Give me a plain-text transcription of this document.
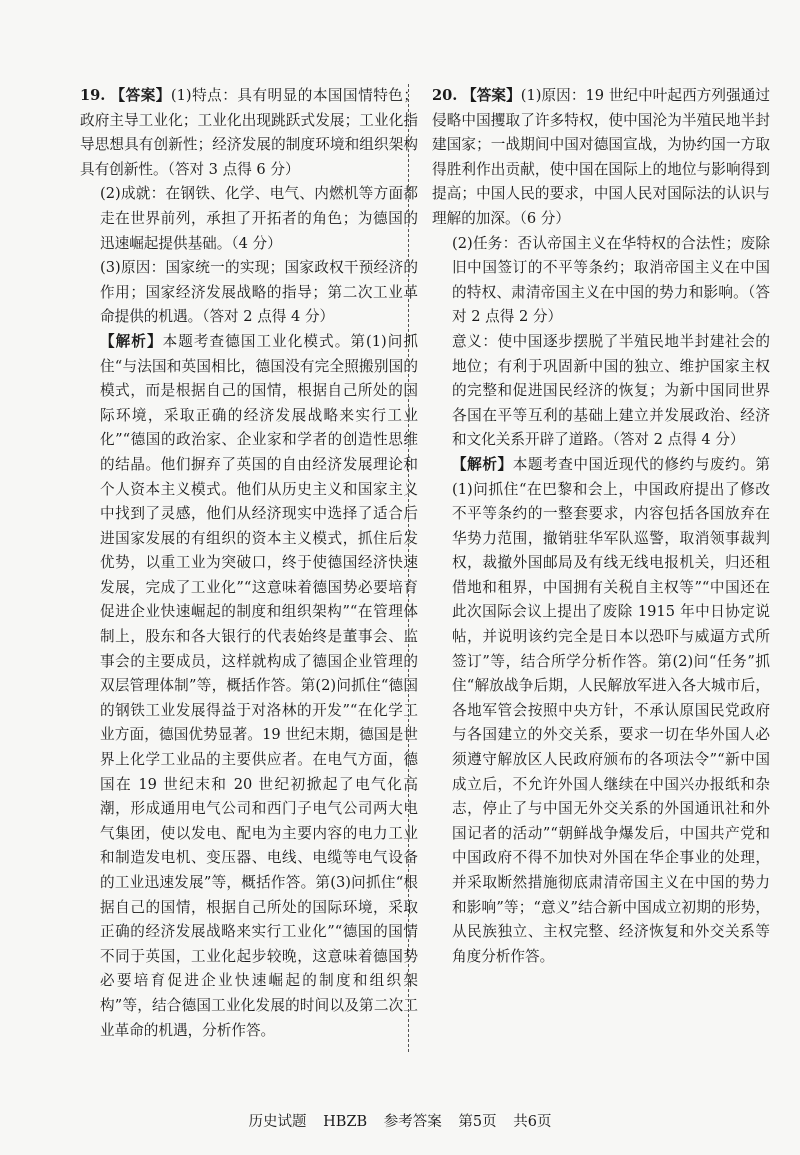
19. 【答案】(1)特点：具有明显的本国国情特色；政府主导工业化；工业化出现跳跃式发展；工业化指导思想具有创新性；经济发展的制度环境和组织架构具有创新性。（答对 3 点得 6 分）

(2)成就：在钢铁、化学、电气、内燃机等方面都走在世界前列，承担了开拓者的角色；为德国的迅速崛起提供基础。（4 分）

(3)原因：国家统一的实现；国家政权干预经济的作用；国家经济发展战略的指导；第二次工业革命提供的机遇。（答对 2 点得 4 分）

【解析】本题考查德国工业化模式。第(1)问抓住“与法国和英国相比，德国没有完全照搬别国的模式，而是根据自己的国情，根据自己所处的国际环境，采取正确的经济发展战略来实行工业化”“德国的政治家、企业家和学者的创造性思维的结晶。他们摒弃了英国的自由经济发展理论和个人资本主义模式。他们从历史主义和国家主义中找到了灵感，他们从经济现实中选择了适合后进国家发展的有组织的资本主义模式，抓住后发优势，以重工业为突破口，终于使德国经济快速发展，完成了工业化”“这意味着德国势必要培育促进企业快速崛起的制度和组织架构”“在管理体制上，股东和各大银行的代表始终是董事会、监事会的主要成员，这样就构成了德国企业管理的双层管理体制”等，概括作答。第(2)问抓住“德国的钢铁工业发展得益于对洛林的开发”“在化学工业方面，德国优势显著。19 世纪末期，德国是世界上化学工业品的主要供应者。在电气方面，德国在 19 世纪末和 20 世纪初掀起了电气化高潮，形成通用电气公司和西门子电气公司两大电气集团，使以发电、配电为主要内容的电力工业和制造发电机、变压器、电线、电缆等电气设备的工业迅速发展”等，概括作答。第(3)问抓住“根据自己的国情，根据自己所处的国际环境，采取正确的经济发展战略来实行工业化”“德国的国情不同于英国，工业化起步较晚，这意味着德国势必要培育促进企业快速崛起的制度和组织架构”等，结合德国工业化发展的时间以及第二次工业革命的机遇，分析作答。

20. 【答案】(1)原因：19 世纪中叶起西方列强通过侵略中国攫取了许多特权，使中国沦为半殖民地半封建国家；一战期间中国对德国宣战，为协约国一方取得胜利作出贡献，使中国在国际上的地位与影响得到提高；中国人民的要求，中国人民对国际法的认识与理解的加深。（6 分）

(2)任务：否认帝国主义在华特权的合法性；废除旧中国签订的不平等条约；取消帝国主义在中国的特权、肃清帝国主义在中国的势力和影响。（答对 2 点得 2 分）

意义：使中国逐步摆脱了半殖民地半封建社会的地位；有利于巩固新中国的独立、维护国家主权的完整和促进国民经济的恢复；为新中国同世界各国在平等互利的基础上建立并发展政治、经济和文化关系开辟了道路。（答对 2 点得 4 分）

【解析】本题考查中国近现代的修约与废约。第(1)问抓住“在巴黎和会上，中国政府提出了修改不平等条约的一整套要求，内容包括各国放弃在华势力范围，撤销驻华军队巡警，取消领事裁判权，裁撤外国邮局及有线无线电报机关，归还租借地和租界，中国拥有关税自主权等”“中国还在此次国际会议上提出了废除 1915 年中日协定说帖，并说明该约完全是日本以恐吓与威逼方式所签订”等，结合所学分析作答。第(2)问“任务”抓住“解放战争后期，人民解放军进入各大城市后，各地军管会按照中央方针，不承认原国民党政府与各国建立的外交关系，要求一切在华外国人必须遵守解放区人民政府颁布的各项法令”“新中国成立后，不允许外国人继续在中国兴办报纸和杂志，停止了与中国无外交关系的外国通讯社和外国记者的活动”“朝鲜战争爆发后，中国共产党和中国政府不得不加快对外国在华企事业的处理，并采取断然措施彻底肃清帝国主义在中国的势力和影响”等；“意义”结合新中国成立初期的形势，从民族独立、主权完整、经济恢复和外交关系等角度分析作答。

历史试题 HBZB 参考答案 第5页 共6页
